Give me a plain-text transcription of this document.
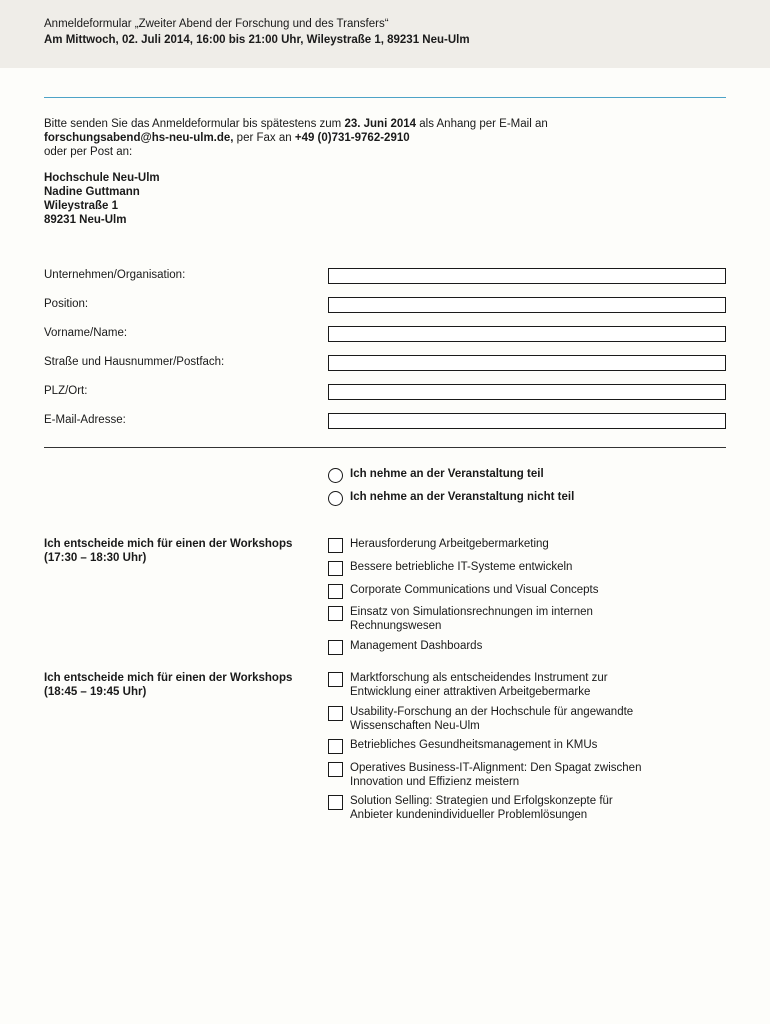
Anmeldeformular „Zweiter Abend der Forschung und des Transfers“
Am Mittwoch, 02. Juli 2014, 16:00 bis 21:00 Uhr, Wileystraße 1, 89231 Neu-Ulm
Bitte senden Sie das Anmeldeformular bis spätestens zum 23. Juni 2014 als Anhang per E-Mail an
forschungsabend@hs-neu-ulm.de, per Fax an +49 (0)731-9762-2910
oder per Post an:
Hochschule Neu-Ulm
Nadine Guttmann
Wileystraße 1
89231 Neu-Ulm
Unternehmen/Organisation:
Position:
Vorname/Name:
Straße und Hausnummer/Postfach:
PLZ/Ort:
E-Mail-Adresse:
Ich nehme an der Veranstaltung teil
Ich nehme an der Veranstaltung nicht teil
Ich entscheide mich für einen der Workshops
(17:30 – 18:30 Uhr)
Herausforderung Arbeitgebermarketing
Bessere betriebliche IT-Systeme entwickeln
Corporate Communications und Visual Concepts
Einsatz von Simulationsrechnungen im internen
Rechnungswesen
Management Dashboards
Ich entscheide mich für einen der Workshops
(18:45 – 19:45 Uhr)
Marktforschung als entscheidendes Instrument zur
Entwicklung einer attraktiven Arbeitgebermarke
Usability-Forschung an der Hochschule für angewandte
Wissenschaften Neu-Ulm
Betriebliches Gesundheitsmanagement in KMUs
Operatives Business-IT-Alignment: Den Spagat zwischen
Innovation und Effizienz meistern
Solution Selling: Strategien und Erfolgskonzepte für
Anbieter kundenindividueller Problemlösungen
